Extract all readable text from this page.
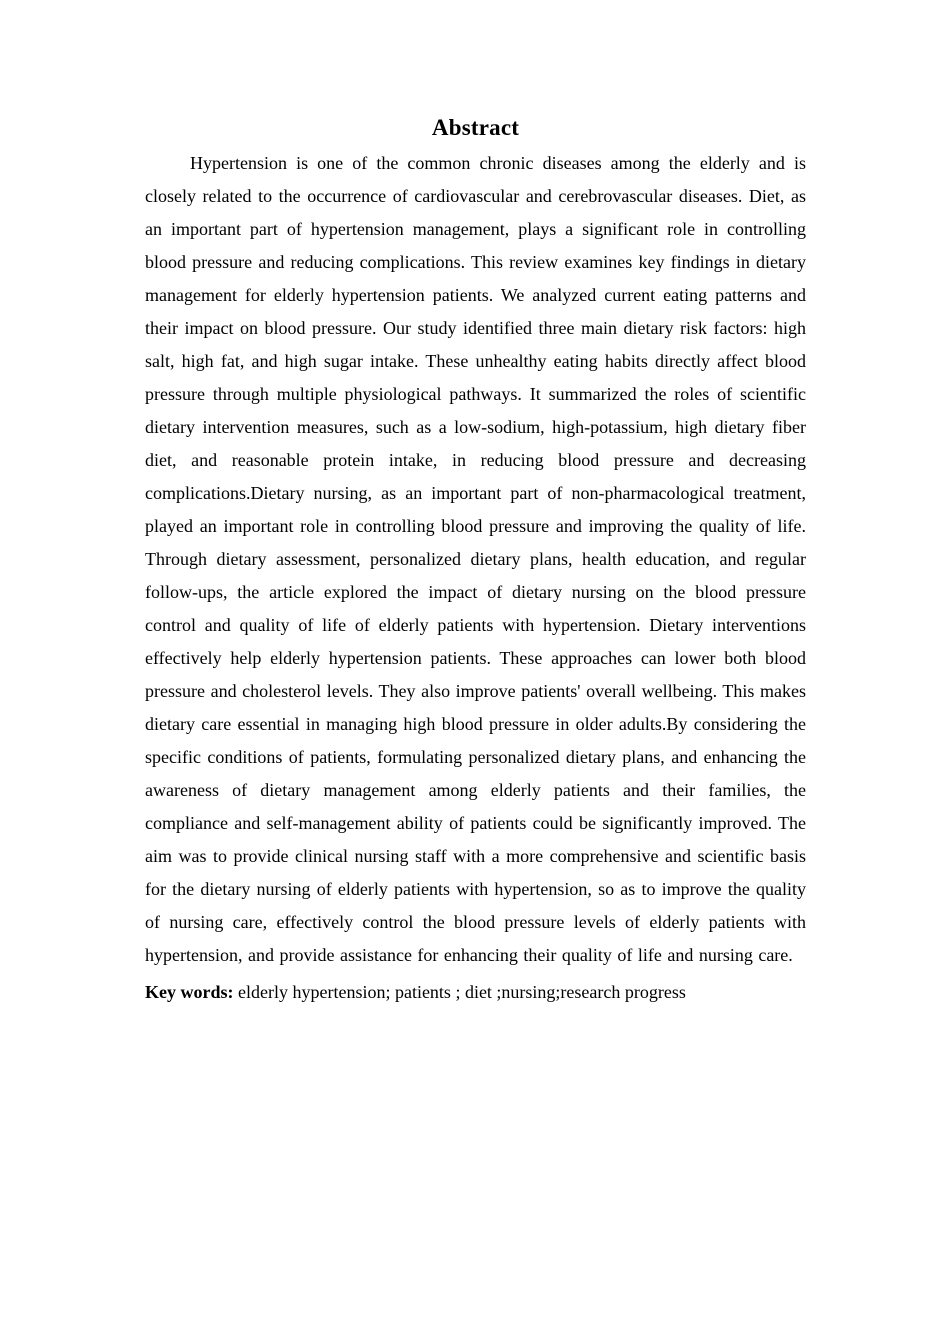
Abstract

Hypertension is one of the common chronic diseases among the elderly and is closely related to the occurrence of cardiovascular and cerebrovascular diseases. Diet, as an important part of hypertension management, plays a significant role in controlling blood pressure and reducing complications. This review examines key findings in dietary management for elderly hypertension patients. We analyzed current eating patterns and their impact on blood pressure. Our study identified three main dietary risk factors: high salt, high fat, and high sugar intake. These unhealthy eating habits directly affect blood pressure through multiple physiological pathways. It summarized the roles of scientific dietary intervention measures, such as a low-sodium, high-potassium, high dietary fiber diet, and reasonable protein intake, in reducing blood pressure and decreasing complications.Dietary nursing, as an important part of non-pharmacological treatment, played an important role in controlling blood pressure and improving the quality of life. Through dietary assessment, personalized dietary plans, health education, and regular follow-ups, the article explored the impact of dietary nursing on the blood pressure control and quality of life of elderly patients with hypertension. Dietary interventions effectively help elderly hypertension patients. These approaches can lower both blood pressure and cholesterol levels. They also improve patients' overall wellbeing. This makes dietary care essential in managing high blood pressure in older adults.By considering the specific conditions of patients, formulating personalized dietary plans, and enhancing the awareness of dietary management among elderly patients and their families, the compliance and self-management ability of patients could be significantly improved. The aim was to provide clinical nursing staff with a more comprehensive and scientific basis for the dietary nursing of elderly patients with hypertension, so as to improve the quality of nursing care, effectively control the blood pressure levels of elderly patients with hypertension, and provide assistance for enhancing their quality of life and nursing care.

Key words: elderly hypertension; patients ; diet ;nursing;research progress
